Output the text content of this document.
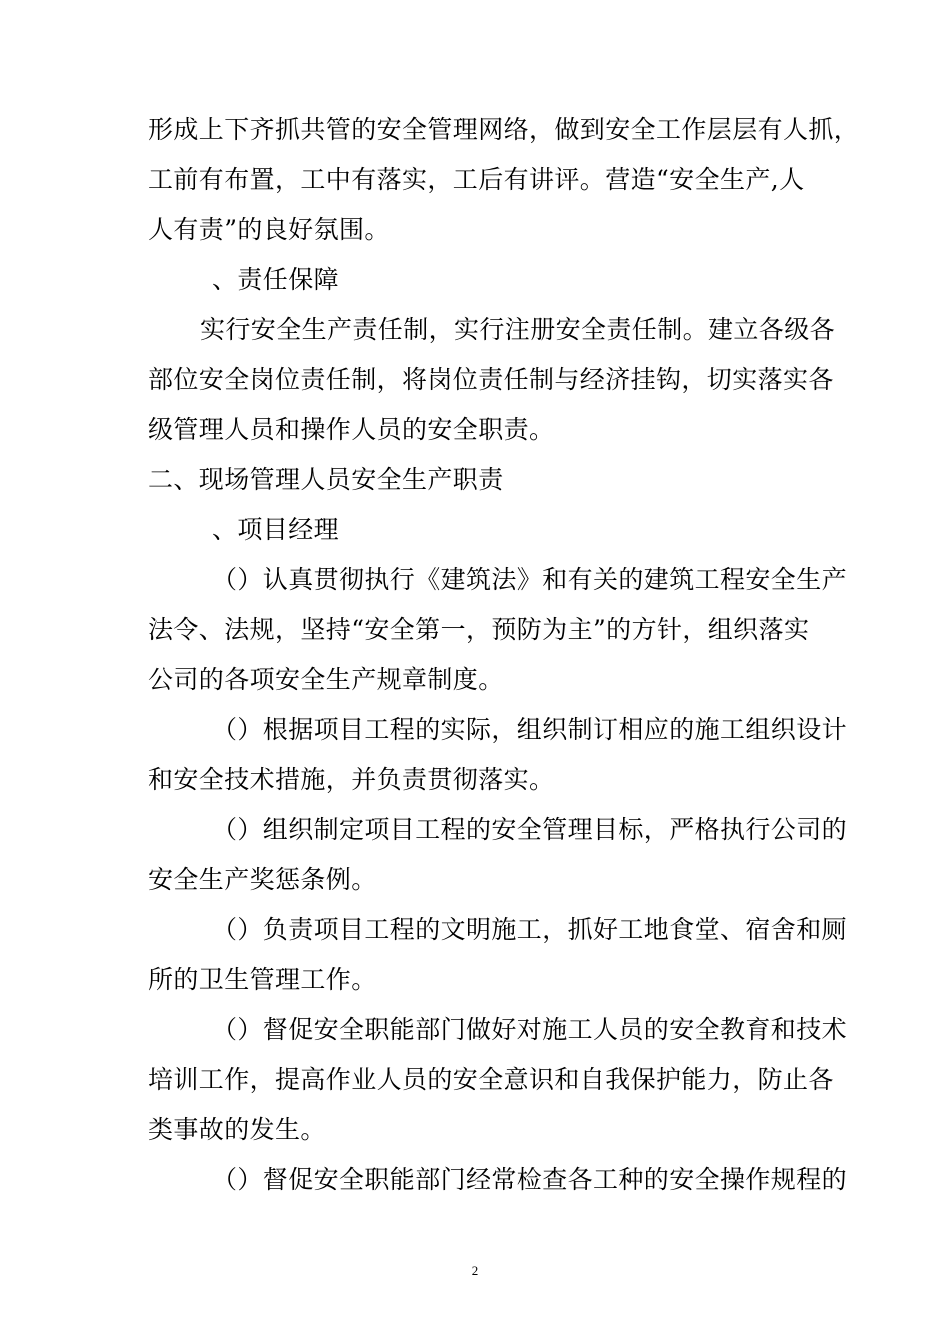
形成上下齐抓共管的安全管理网络，做到安全工作层层有人抓，
工前有布置，工中有落实，工后有讲评。营造“安全生产,人
人有责”的良好氛围。
、责任保障
实行安全生产责任制，实行注册安全责任制。建立各级各
部位安全岗位责任制，将岗位责任制与经济挂钩，切实落实各
级管理人员和操作人员的安全职责。
二、现场管理人员安全生产职责
、项目经理
（）认真贯彻执行《建筑法》和有关的建筑工程安全生产
法令、法规，坚持“安全第一，预防为主”的方针，组织落实
公司的各项安全生产规章制度。
（）根据项目工程的实际，组织制订相应的施工组织设计
和安全技术措施，并负责贯彻落实。
（）组织制定项目工程的安全管理目标，严格执行公司的
安全生产奖惩条例。
（）负责项目工程的文明施工，抓好工地食堂、宿舍和厕
所的卫生管理工作。
（）督促安全职能部门做好对施工人员的安全教育和技术
培训工作，提高作业人员的安全意识和自我保护能力，防止各
类事故的发生。
（）督促安全职能部门经常检查各工种的安全操作规程的
2
